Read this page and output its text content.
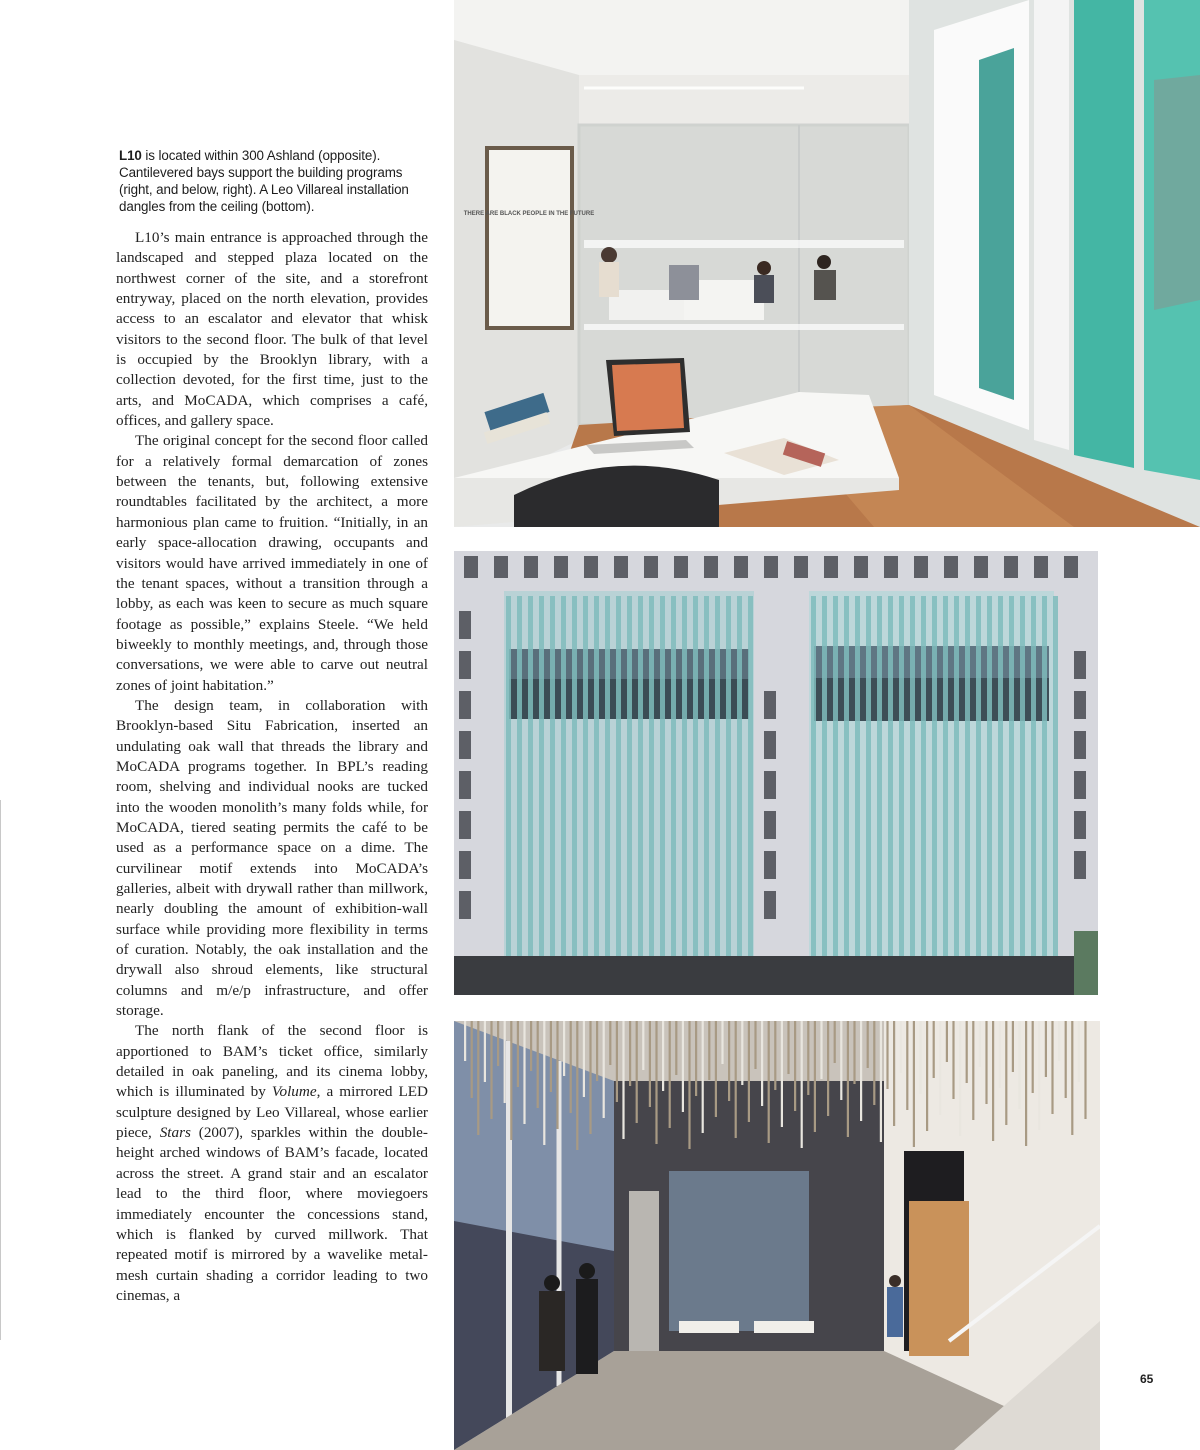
L10 is located within 300 Ashland (opposite). Cantilevered bays support the building programs (right, and below, right). A Leo Villareal installation dangles from the ceiling (bottom).

L10’s main entrance is approached through the landscaped and stepped plaza located on the northwest corner of the site, and a storefront entryway, placed on the north elevation, provides access to an escalator and elevator that whisk visitors to the second floor. The bulk of that level is occupied by the Brooklyn library, with a collection devoted, for the first time, just to the arts, and MoCADA, which comprises a café, offices, and gallery space.

The original concept for the second floor called for a relatively formal demarcation of zones between the tenants, but, following extensive roundtables facilitated by the architect, a more harmonious plan came to fruition. “Initially, in an early space-allocation drawing, occupants and visitors would have arrived immediately in one of the tenant spaces, without a transition through a lobby, as each was keen to secure as much square footage as possible,” explains Steele. “We held biweekly to monthly meetings, and, through those conversations, we were able to carve out neutral zones of joint habitation.”

The design team, in collaboration with Brooklyn-based Situ Fabrication, inserted an undulating oak wall that threads the library and MoCADA programs together. In BPL’s reading room, shelving and individual nooks are tucked into the wooden monolith’s many folds while, for MoCADA, tiered seating permits the café to be used as a performance space on a dime. The curvilinear motif extends into MoCADA’s galleries, albeit with drywall rather than millwork, nearly doubling the amount of exhibition-wall surface while providing more flexibility in terms of curation. Notably, the oak installation and the drywall also shroud elements, like structural columns and m/e/p infrastructure, and offer storage.

The north flank of the second floor is apportioned to BAM’s ticket office, similarly detailed in oak paneling, and its cinema lobby, which is illuminated by Volume, a mirrored LED sculpture designed by Leo Villareal, whose earlier piece, Stars (2007), sparkles within the double-height arched windows of BAM’s facade, located across the street. A grand stair and an escalator lead to the third floor, where moviegoers immediately encounter the concessions stand, which is flanked by curved millwork. That repeated motif is mirrored by a wavelike metal-mesh curtain shading a corridor leading to two cinemas, a

THERE ARE BLACK PEOPLE IN THE FUTURE
65
